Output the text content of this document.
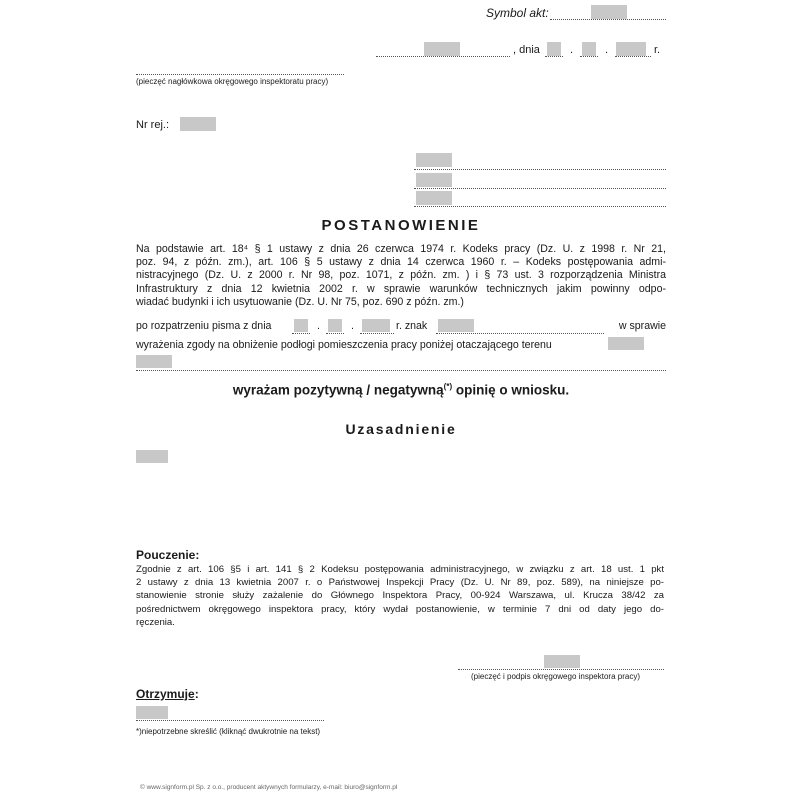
Symbol akt:
, dnia	.	.	r.
(pieczęć nagłówkowa okręgowego inspektoratu pracy)
Nr rej.:
POSTANOWIENIE
Na podstawie art. 18⁴ § 1 ustawy z dnia 26 czerwca 1974 r. Kodeks pracy (Dz. U. z 1998 r. Nr 21,
poz. 94, z późn. zm.), art. 106 § 5 ustawy z dnia 14 czerwca 1960 r. – Kodeks postępowania admi-
nistracyjnego (Dz. U. z 2000 r. Nr 98, poz. 1071, z późn. zm. ) i § 73 ust. 3 rozporządzenia Ministra
Infrastruktury z dnia 12 kwietnia 2002 r. w sprawie warunków technicznych jakim powinny odpo-
wiadać budynki i ich usytuowanie (Dz. U. Nr 75, poz. 690 z późn. zm.)
po rozpatrzeniu pisma z dnia	.	.	r. znak	w sprawie
wyrażenia zgody na obniżenie podłogi pomieszczenia pracy poniżej otaczającego terenu
wyrażam pozytywną / negatywną(*) opinię o wniosku.
Uzasadnienie
Pouczenie:
Zgodnie z art. 106 §5 i art. 141 § 2 Kodeksu postępowania administracyjnego, w związku z art. 18 ust. 1 pkt
2 ustawy z dnia 13 kwietnia 2007 r. o Państwowej Inspekcji Pracy (Dz. U. Nr 89, poz. 589), na niniejsze po-
stanowienie stronie służy zażalenie do Głównego Inspektora Pracy, 00-924 Warszawa, ul. Krucza 38/42 za
pośrednictwem okręgowego inspektora pracy, który wydał postanowienie, w terminie 7 dni od daty jego do-
ręczenia.
(pieczęć i podpis okręgowego inspektora pracy)
Otrzymuje:
*)niepotrzebne skreślić (kliknąć dwukrotnie na tekst)
© www.signform.pl Sp. z o.o., producent aktywnych formularzy, e-mail: biuro@signform.pl
